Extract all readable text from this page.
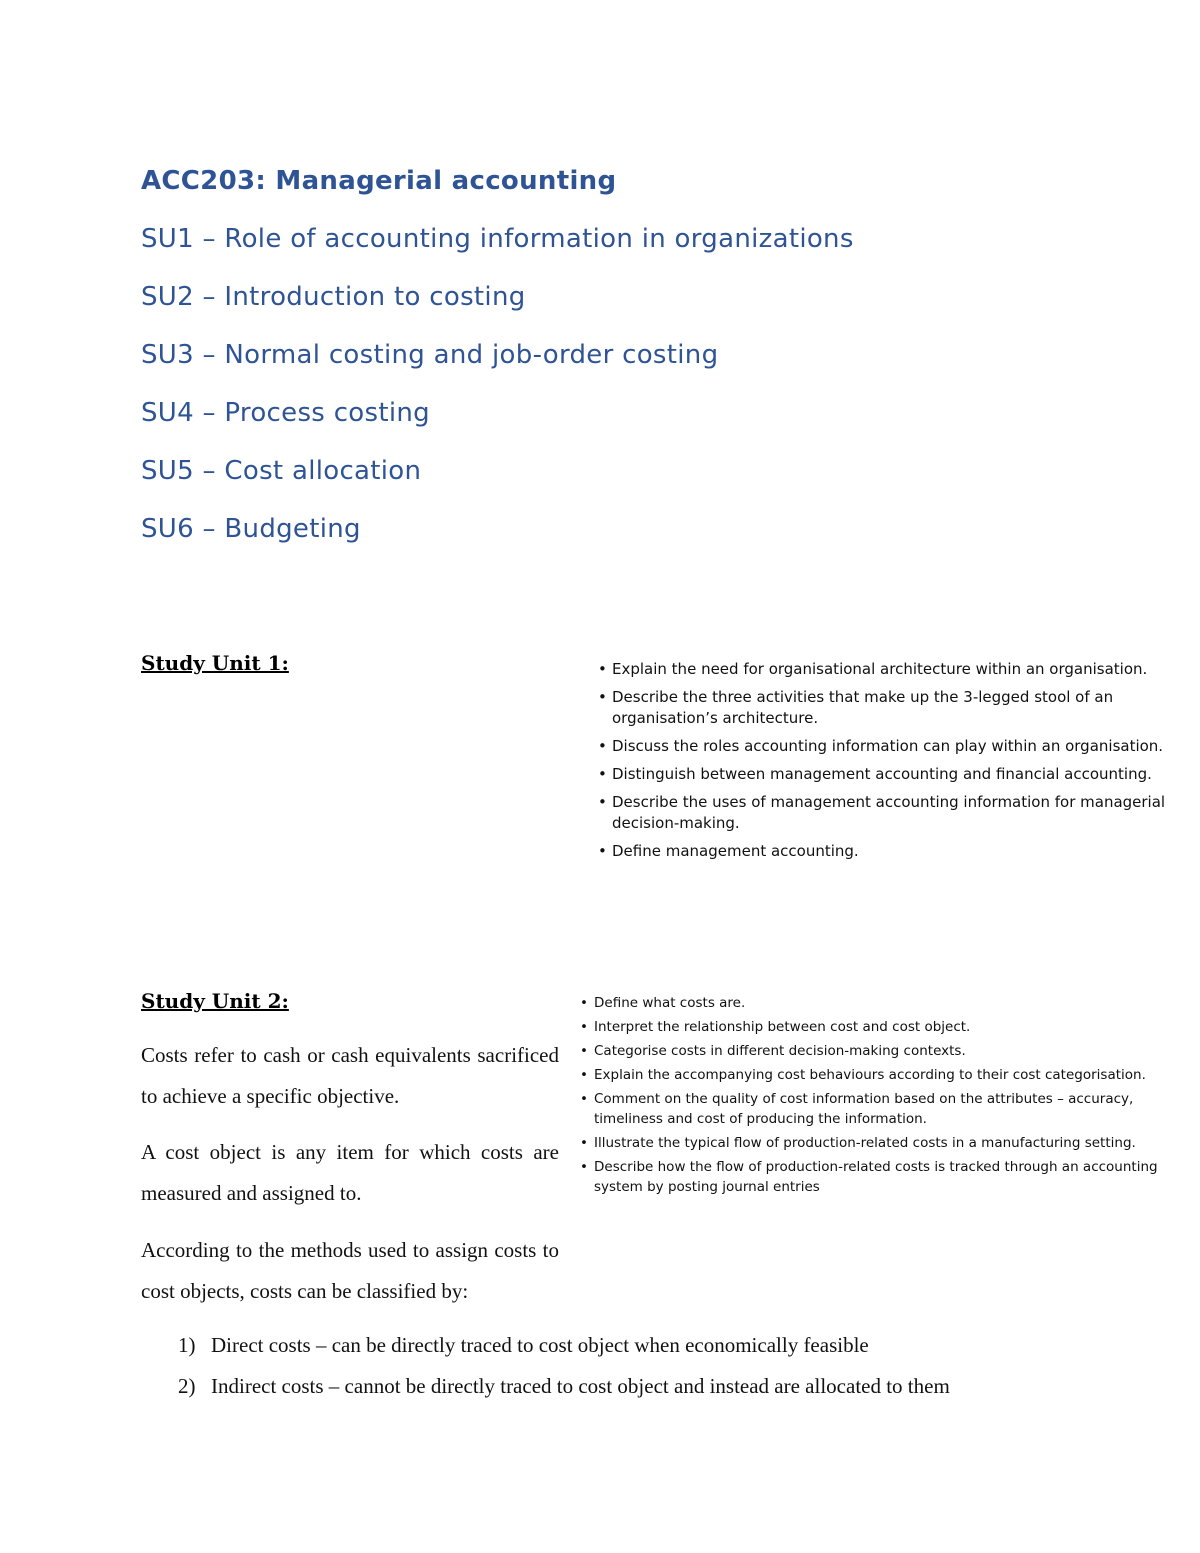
ACC203: Managerial accounting

SU1 – Role of accounting information in organizations

SU2 – Introduction to costing

SU3 – Normal costing and job-order costing

SU4 – Process costing

SU5 – Cost allocation

SU6 – Budgeting

Study Unit 1:	• Explain the need for organisational architecture within an organisation.
• Describe the three activities that make up the 3-legged stool of an organisation’s architecture.
• Discuss the roles accounting information can play within an organisation.
• Distinguish between management accounting and financial accounting.
• Describe the uses of management accounting information for managerial decision-making.
• Define management accounting.
Study Unit 2:	• Define what costs are.
• Interpret the relationship between cost and cost object.
• Categorise costs in different decision-making contexts.
• Explain the accompanying cost behaviours according to their cost categorisation.
• Comment on the quality of cost information based on the attributes – accuracy, timeliness and cost of producing the information.
• Illustrate the typical flow of production-related costs in a manufacturing setting.
• Describe how the flow of production-related costs is tracked through an accounting system by posting journal entries

Costs refer to cash or cash equivalents sacrificed to achieve a specific objective.

A cost object is any item for which costs are measured and assigned to.

According to the methods used to assign costs to cost objects, costs can be classified by:

1) Direct costs – can be directly traced to cost object when economically feasible
2) Indirect costs – cannot be directly traced to cost object and instead are allocated to them
